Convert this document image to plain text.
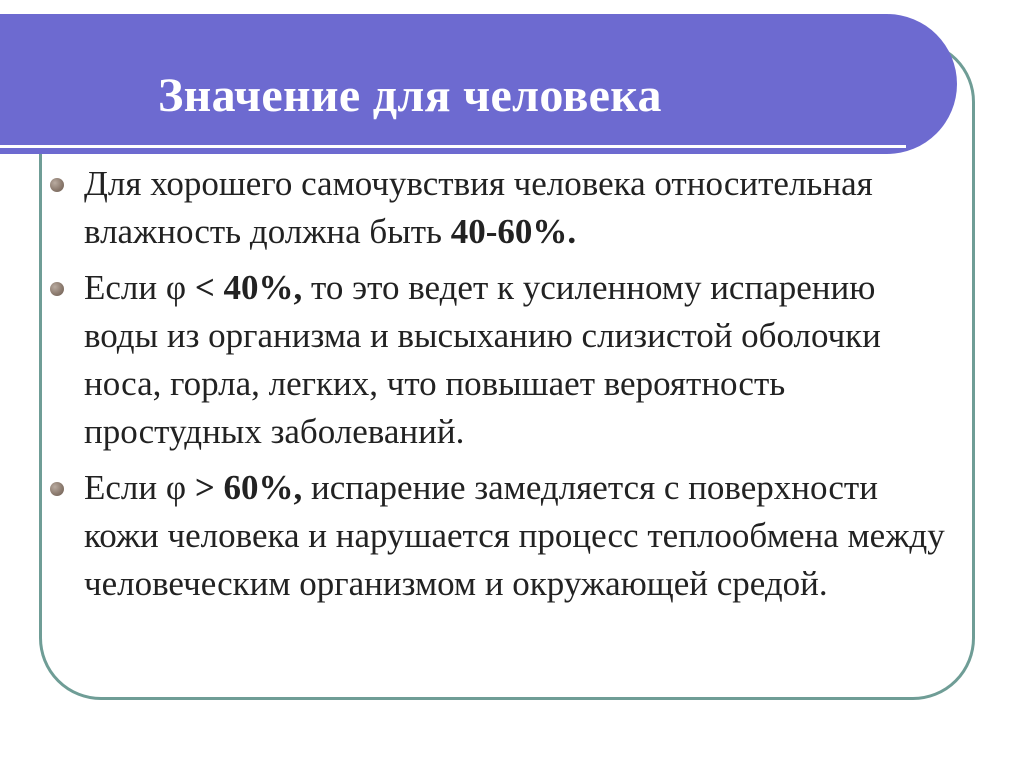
Значение для человека
Для хорошего самочувствия человека относительная влажность должна быть 40-60%.
Если φ < 40%, то это ведет к усиленному испарению воды из организма и высыханию слизистой оболочки носа, горла, легких, что повышает вероятность простудных заболеваний.
Если φ > 60%, испарение замедляется с поверхности кожи человека и нарушается процесс теплообмена между человеческим организмом и окружающей средой.
